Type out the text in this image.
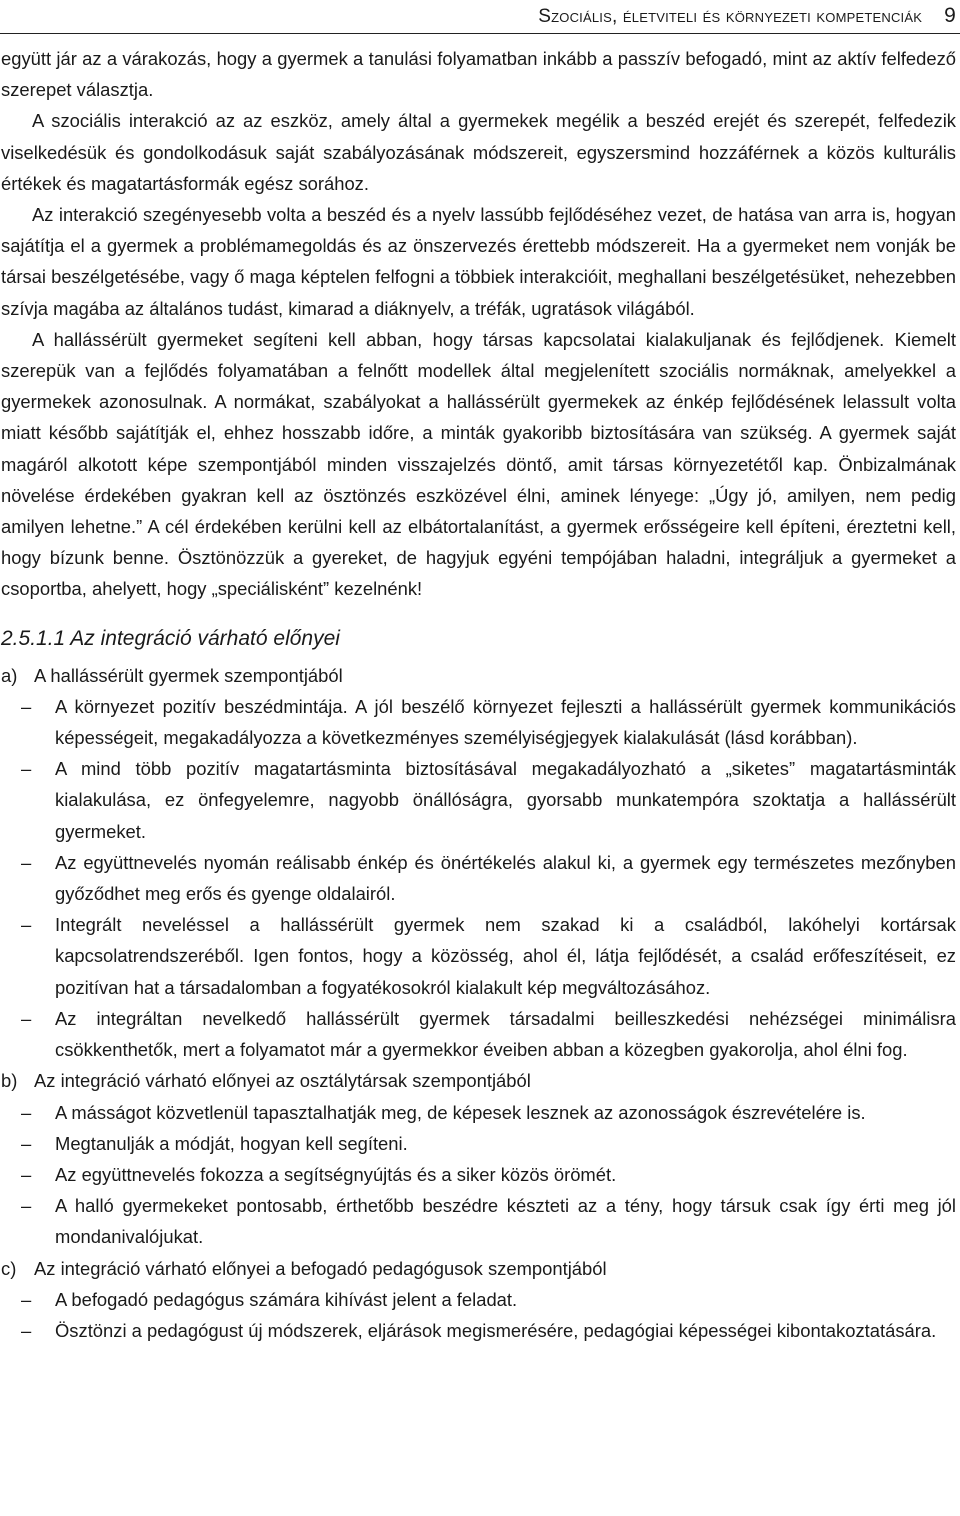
Szociális, életviteli és környezeti kompetenciák 9

együtt jár az a várakozás, hogy a gyermek a tanulási folyamatban inkább a passzív befogadó, mint az aktív felfedező szerepet választja.

A szociális interakció az az eszköz, amely által a gyermekek megélik a beszéd erejét és szerepét, felfedezik viselkedésük és gondolkodásuk saját szabályozásának módszereit, egyszersmind hozzáférnek a közös kulturális értékek és magatartásformák egész sorához.

Az interakció szegényesebb volta a beszéd és a nyelv lassúbb fejlődéséhez vezet, de hatása van arra is, hogyan sajátítja el a gyermek a problémamegoldás és az önszervezés érettebb módszereit. Ha a gyermeket nem vonják be társai beszélgetésébe, vagy ő maga képtelen felfogni a többiek interakcióit, meghallani beszélgetésüket, nehezebben szívja magába az általános tudást, kimarad a diáknyelv, a tréfák, ugratások világából.

A hallássérült gyermeket segíteni kell abban, hogy társas kapcsolatai kialakuljanak és fejlődjenek. Kiemelt szerepük van a fejlődés folyamatában a felnőtt modellek által megjelenített szociális normáknak, amelyekkel a gyermekek azonosulnak. A normákat, szabályokat a hallássérült gyermekek az énkép fejlődésének lelassult volta miatt később sajátítják el, ehhez hosszabb időre, a minták gyakoribb biztosítására van szükség. A gyermek saját magáról alkotott képe szempontjából minden visszajelzés döntő, amit társas környezetétől kap. Önbizalmának növelése érdekében gyakran kell az ösztönzés eszközével élni, aminek lényege: „Úgy jó, amilyen, nem pedig amilyen lehetne.” A cél érdekében kerülni kell az elbátortalanítást, a gyermek erősségeire kell építeni, éreztetni kell, hogy bízunk benne. Ösztönözzük a gyereket, de hagyjuk egyéni tempójában haladni, integráljuk a gyermeket a csoportba, ahelyett, hogy „speciálisként” kezelnénk!

2.5.1.1 Az integráció várható előnyei
a) A hallássérült gyermek szempontjából
– A környezet pozitív beszédmintája. A jól beszélő környezet fejleszti a hallássérült gyermek kommunikációs képességeit, megakadályozza a következményes személyiségjegyek kialakulását (lásd korábban).
– A mind több pozitív magatartásminta biztosításával megakadályozható a „siketes” magatartásminták kialakulása, ez önfegyelemre, nagyobb önállóságra, gyorsabb munkatempóra szoktatja a hallássérült gyermeket.
– Az együttnevelés nyomán reálisabb énkép és önértékelés alakul ki, a gyermek egy természetes mezőnyben győződhet meg erős és gyenge oldalairól.
– Integrált neveléssel a hallássérült gyermek nem szakad ki a családból, lakóhelyi kortársak kapcsolatrendszeréből. Igen fontos, hogy a közösség, ahol él, látja fejlődését, a család erőfeszítéseit, ez pozitívan hat a társadalomban a fogyatékosokról kialakult kép megváltozásához.
– Az integráltan nevelkedő hallássérült gyermek társadalmi beilleszkedési nehézségei minimálisra csökkenthetők, mert a folyamatot már a gyermekkor éveiben abban a közegben gyakorolja, ahol élni fog.
b) Az integráció várható előnyei az osztálytársak szempontjából
– A másságot közvetlenül tapasztalhatják meg, de képesek lesznek az azonosságok észrevételére is.
– Megtanulják a módját, hogyan kell segíteni.
– Az együttnevelés fokozza a segítségnyújtás és a siker közös örömét.
– A halló gyermekeket pontosabb, érthetőbb beszédre készteti az a tény, hogy társuk csak így érti meg jól mondanivalójukat.
c) Az integráció várható előnyei a befogadó pedagógusok szempontjából
– A befogadó pedagógus számára kihívást jelent a feladat.
– Ösztönzi a pedagógust új módszerek, eljárások megismerésére, pedagógiai képességei kibontakoztatására.
